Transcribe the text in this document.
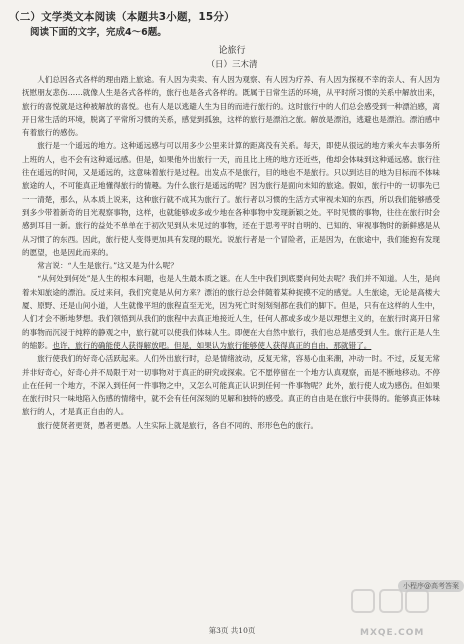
（二）文学类文本阅读（本题共3小题，15分）
阅读下面的文字，完成4～6题。
论旅行
（日）三木清

人们总因各式各样的理由踏上旅途。有人因为卖卖、有人因为观察、有人因为疗养、有人因为探视不幸的亲人、有人因为抚慰朋友悲伤……就像人生是各式各样的，旅行也是各式各样的。既属于日常生活的环境，从平时所习惯的关系中解放出来，旅行的喜悦就是这种被解放的喜悦。也有人是以逃避人生为目的而进行旅行的。这时旅行中的人们总会感受到一种漂泊感，离开日常生活的环境，脱离了平常所习惯的关系，感觉到孤独，这样的旅行是漂泊之旅。解放是漂泊，逃避也是漂泊。漂泊感中有着旅行的感伤。

旅行是一个遥远的地方。这种遥远感与可以用多少公里来计算的距离没有关系。每天，即使从很远的地方乘火车去事务所上班的人，也不会有这种遥远感。但是，如果他外出旅行一天，而且比上班的地方还近些，他却会体味到这种遥远感。旅行往往在遥远的时间，又是遥远的，这意味着旅行是过程。出发点不是旅行，目的地也不是旅行。只以到达目的地为目标而不体味旅途的人，不可能真正地懂得旅行的情趣。为什么旅行是遥远的呢？因为旅行是面向未知的旅途。假如，旅行中的一切事先已一一清楚，那么，从本质上说来，这种旅行就不成其为旅行了。旅行者以习惯的生活方式审视未知的东西，所以我们能够感受到多少带着新奇的目光观察事物，这样，也就能够或多或少地在各种事物中发现新颖之处。平时见惯的事物，往往在旅行时会感到耳目一新。旅行的益处不单单在于初次见到从未见过的事物，还在于思考平时自明的、已知的、审视事物时的新鲜感是从从习惯了的东西。因此，旅行使人变得更加具有发现的眼光。说旅行者是一个冒险者，正是因为，在旅途中，我们能抱有发现的愿望，也是因此而来的。

常言说：“人生是旅行。”这又是为什么呢？

“从何处到何处”是人生的根本问题，也是人生最本质之谜。在人生中我们到底要向何处去呢？我们并不知道。人生，是向着未知旅途的漂泊。反过来问，我们究竟是从何方来？漂泊的旅行总会伴随着某种捉摸不定的感觉。人生旅途，无论是高楼大厦、原野、还是山间小道，人生就像平坦的旅程直至无光，因为死亡时刻刻刻都在我们的脚下。但是，只有在这样的人生中，人们才会不断地梦想。我们领悟到从我们的旅程中去真正地接近人生，任何人都或多或少是以理想主义的，在旅行时离开日常的事物而沉浸于纯粹的静观之中，旅行就可以使我们体味人生。即便在大自然中旅行，我们也总是感受到人生。旅行正是人生的缩影。也许，旅行的确能使人获得解放吧。但是，如果认为旅行能够使人获得真正的自由，那就错了。

旅行使我们的好奇心活跃起来。人们外出旅行时，总是情绪波动，反复无常，容易心血来潮，冲动一时。不过，反复无常并非好奇心，好奇心并不局限于对一切事物对于真正的研究或探索。它不愿停留在一个地方认真观察，而是不断地移动。不停止在任何一个地方，不深入到任何一件事物之中，又怎么可能真正认识到任何一件事物呢？此外，旅行使人成为感伤。但如果在旅行时只一味地陷入伤感的情绪中，就不会有任何深刻的见解和独特的感受。真正的自由是在旅行中获得的。能够真正体味旅行的人，才是真正自由的人。

旅行使贤者更贤，愚者更愚。人生实际上就是旅行，各自不同的、形形色色的旅行。

小程序@高考答案
MXQE.COM
第3页 共10页
